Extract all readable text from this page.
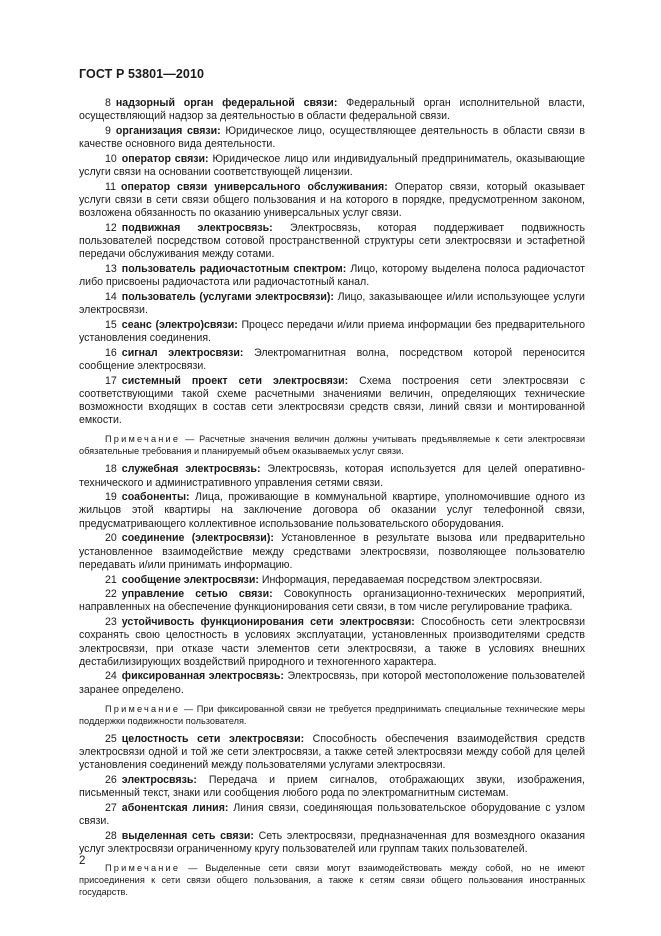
ГОСТ Р 53801—2010

8 надзорный орган федеральной связи: Федеральный орган исполнительной власти, осуществляющий надзор за деятельностью в области федеральной связи.

9 организация связи: Юридическое лицо, осуществляющее деятельность в области связи в качестве основного вида деятельности.

10 оператор связи: Юридическое лицо или индивидуальный предприниматель, оказывающие услуги связи на основании соответствующей лицензии.

11 оператор связи универсального обслуживания: Оператор связи, который оказывает услуги связи в сети связи общего пользования и на которого в порядке, предусмотренном законом, возложена обязанность по оказанию универсальных услуг связи.

12 подвижная электросвязь: Электросвязь, которая поддерживает подвижность пользователей посредством сотовой пространственной структуры сети электросвязи и эстафетной передачи обслуживания между сотами.

13 пользователь радиочастотным спектром: Лицо, которому выделена полоса радиочастот либо присвоены радиочастота или радиочастотный канал.

14 пользователь (услугами электросвязи): Лицо, заказывающее и/или использующее услуги электросвязи.

15 сеанс (электро)связи: Процесс передачи и/или приема информации без предварительного установления соединения.

16 сигнал электросвязи: Электромагнитная волна, посредством которой переносится сообщение электросвязи.

17 системный проект сети электросвязи: Схема построения сети электросвязи с соответствующими такой схеме расчетными значениями величин, определяющих технические возможности входящих в состав сети электросвязи средств связи, линий связи и монтированной емкости.

Примечание — Расчетные значения величин должны учитывать предъявляемые к сети электросвязи обязательные требования и планируемый объем оказываемых услуг связи.

18 служебная электросвязь: Электросвязь, которая используется для целей оперативно-технического и административного управления сетями связи.

19 соабоненты: Лица, проживающие в коммунальной квартире, уполномочившие одного из жильцов этой квартиры на заключение договора об оказании услуг телефонной связи, предусматривающего коллективное использование пользовательского оборудования.

20 соединение (электросвязи): Установленное в результате вызова или предварительно установленное взаимодействие между средствами электросвязи, позволяющее пользователю передавать и/или принимать информацию.

21 сообщение электросвязи: Информация, передаваемая посредством электросвязи.

22 управление сетью связи: Совокупность организационно-технических мероприятий, направленных на обеспечение функционирования сети связи, в том числе регулирование трафика.

23 устойчивость функционирования сети электросвязи: Способность сети электросвязи сохранять свою целостность в условиях эксплуатации, установленных производителями средств электросвязи, при отказе части элементов сети электросвязи, а также в условиях внешних дестабилизирующих воздействий природного и техногенного характера.

24 фиксированная электросвязь: Электросвязь, при которой местоположение пользователей заранее определено.

Примечание — При фиксированной связи не требуется предпринимать специальные технические меры поддержки подвижности пользователя.

25 целостность сети электросвязи: Способность обеспечения взаимодействия средств электросвязи одной и той же сети электросвязи, а также сетей электросвязи между собой для целей установления соединений между пользователями услугами электросвязи.

26 электросвязь: Передача и прием сигналов, отображающих звуки, изображения, письменный текст, знаки или сообщения любого рода по электромагнитным системам.

27 абонентская линия: Линия связи, соединяющая пользовательское оборудование с узлом связи.

28 выделенная сеть связи: Сеть электросвязи, предназначенная для возмездного оказания услуг электросвязи ограниченному кругу пользователей или группам таких пользователей.

Примечание — Выделенные сети связи могут взаимодействовать между собой, но не имеют присоединения к сети связи общего пользования, а также к сетям связи общего пользования иностранных государств.

2
